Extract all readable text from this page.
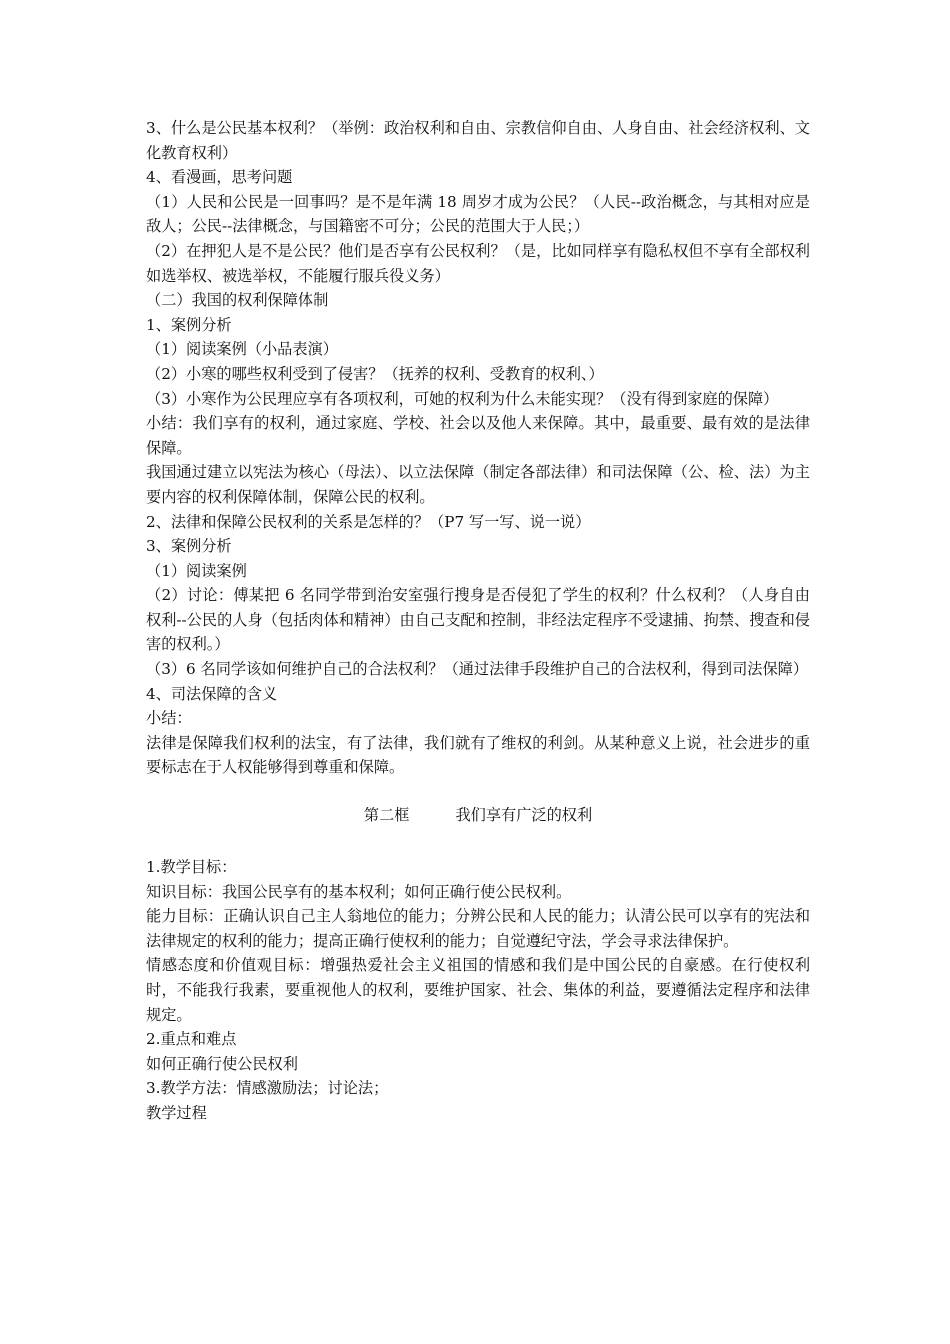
3、什么是公民基本权利？（举例：政治权利和自由、宗教信仰自由、人身自由、社会经济权利、文化教育权利）

4、看漫画，思考问题

（1）人民和公民是一回事吗？是不是年满 18 周岁才成为公民？（人民--政治概念，与其相对应是敌人；公民--法律概念，与国籍密不可分；公民的范围大于人民；）

（2）在押犯人是不是公民？他们是否享有公民权利？（是，比如同样享有隐私权但不享有全部权利如选举权、被选举权，不能履行服兵役义务）

（二）我国的权利保障体制

1、案例分析

（1）阅读案例（小品表演）

（2）小寒的哪些权利受到了侵害？（抚养的权利、受教育的权利、）

（3）小寒作为公民理应享有各项权利，可她的权利为什么未能实现？（没有得到家庭的保障）

小结：我们享有的权利，通过家庭、学校、社会以及他人来保障。其中，最重要、最有效的是法律保障。

我国通过建立以宪法为核心（母法）、以立法保障（制定各部法律）和司法保障（公、检、法）为主要内容的权利保障体制，保障公民的权利。

2、法律和保障公民权利的关系是怎样的？（P7 写一写、说一说）

3、案例分析

（1）阅读案例

（2）讨论：傅某把 6 名同学带到治安室强行搜身是否侵犯了学生的权利？什么权利？（人身自由权利--公民的人身（包括肉体和精神）由自己支配和控制，非经法定程序不受逮捕、拘禁、搜查和侵害的权利。）

（3）6 名同学该如何维护自己的合法权利？（通过法律手段维护自己的合法权利，得到司法保障）

4、司法保障的含义

小结：

法律是保障我们权利的法宝，有了法律，我们就有了维权的利剑。从某种意义上说，社会进步的重要标志在于人权能够得到尊重和保障。

第二框	我们享有广泛的权利

1.教学目标：

知识目标：我国公民享有的基本权利；如何正确行使公民权利。

能力目标：正确认识自己主人翁地位的能力；分辨公民和人民的能力；认清公民可以享有的宪法和法律规定的权利的能力；提高正确行使权利的能力；自觉遵纪守法，学会寻求法律保护。

情感态度和价值观目标：增强热爱社会主义祖国的情感和我们是中国公民的自豪感。在行使权利时，不能我行我素，要重视他人的权利，要维护国家、社会、集体的利益，要遵循法定程序和法律规定。

2.重点和难点

如何正确行使公民权利

3.教学方法：情感激励法；讨论法；

教学过程
